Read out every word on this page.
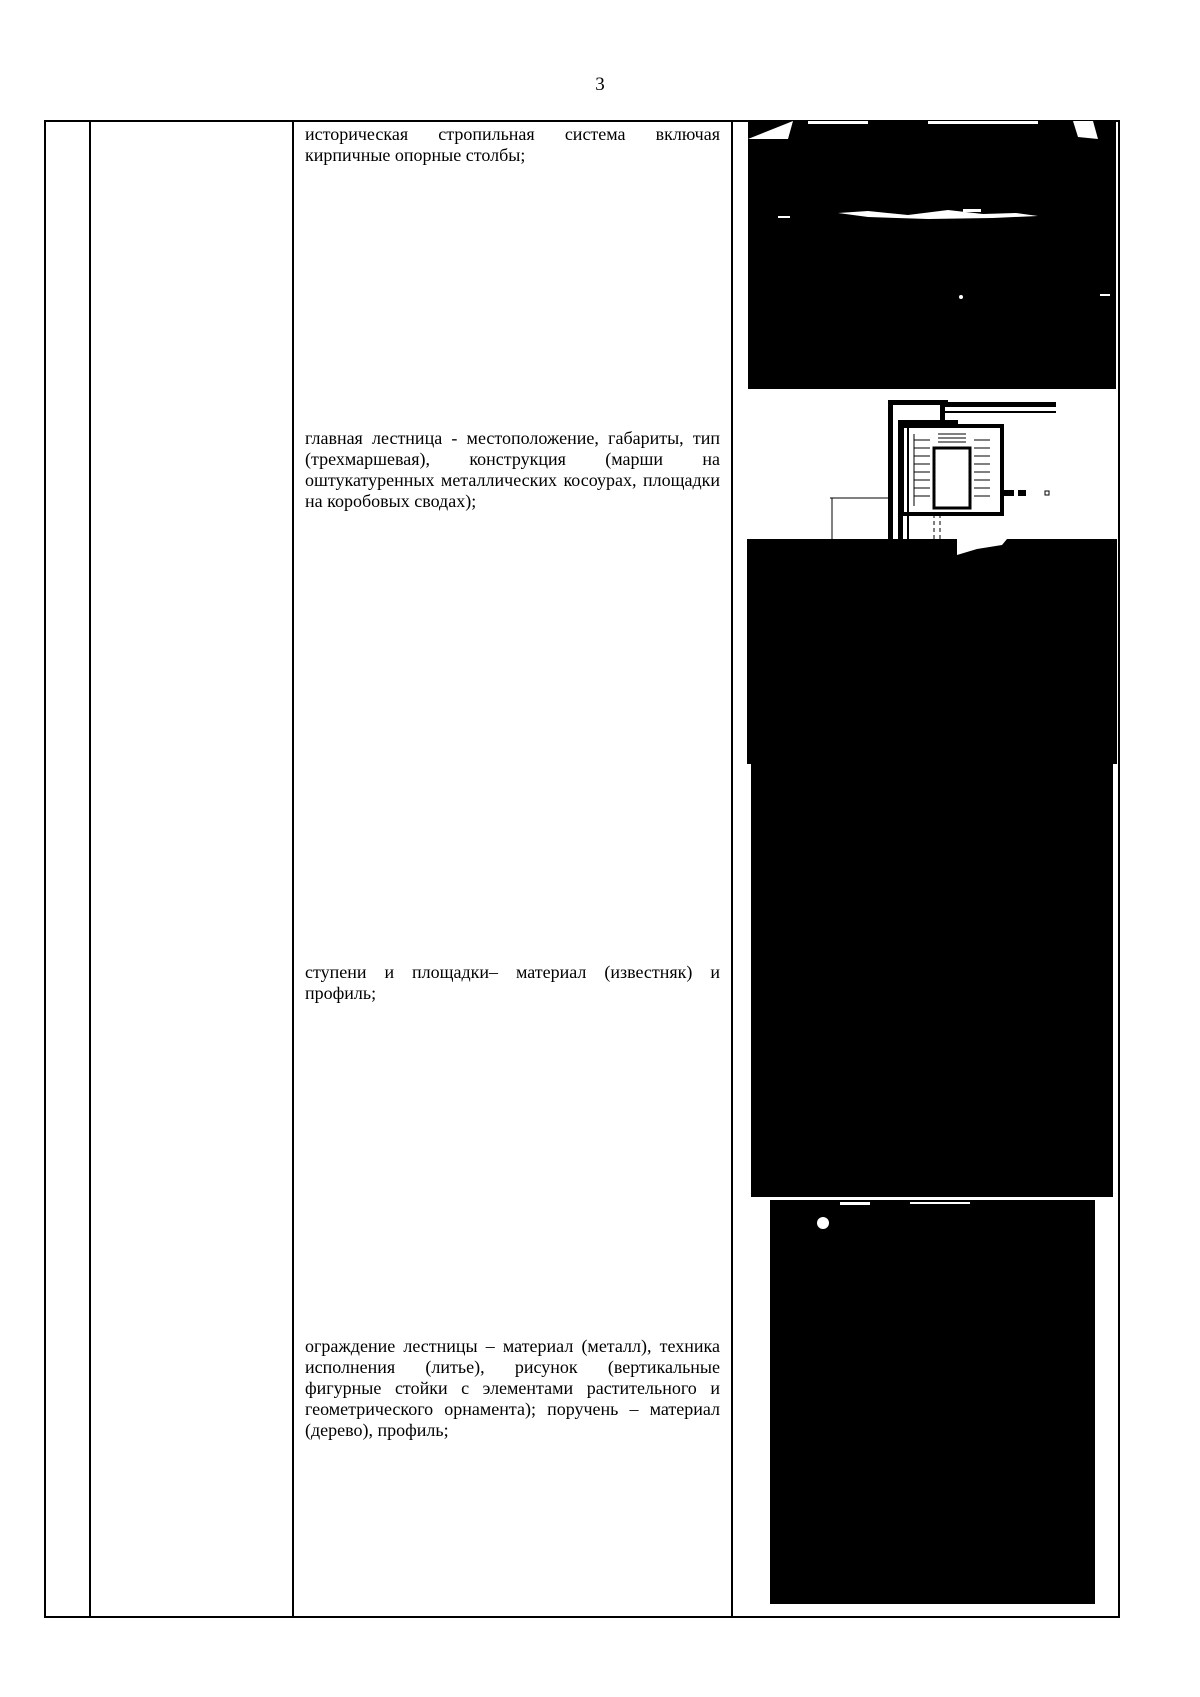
3
историческая стропильная система включая кирпичные опорные столбы;
главная лестница - местоположение, габариты, тип (трехмаршевая), конструкция (марши на оштукатуренных металлических косоурах, площадки на коробовых сводах);
ступени и площадки– материал (известняк) и профиль;
ограждение лестницы – материал (металл), техника исполнения (литье), рисунок (вертикальные фигурные стойки с элементами растительного и геометрического орнамента); поручень – материал (дерево), профиль;
